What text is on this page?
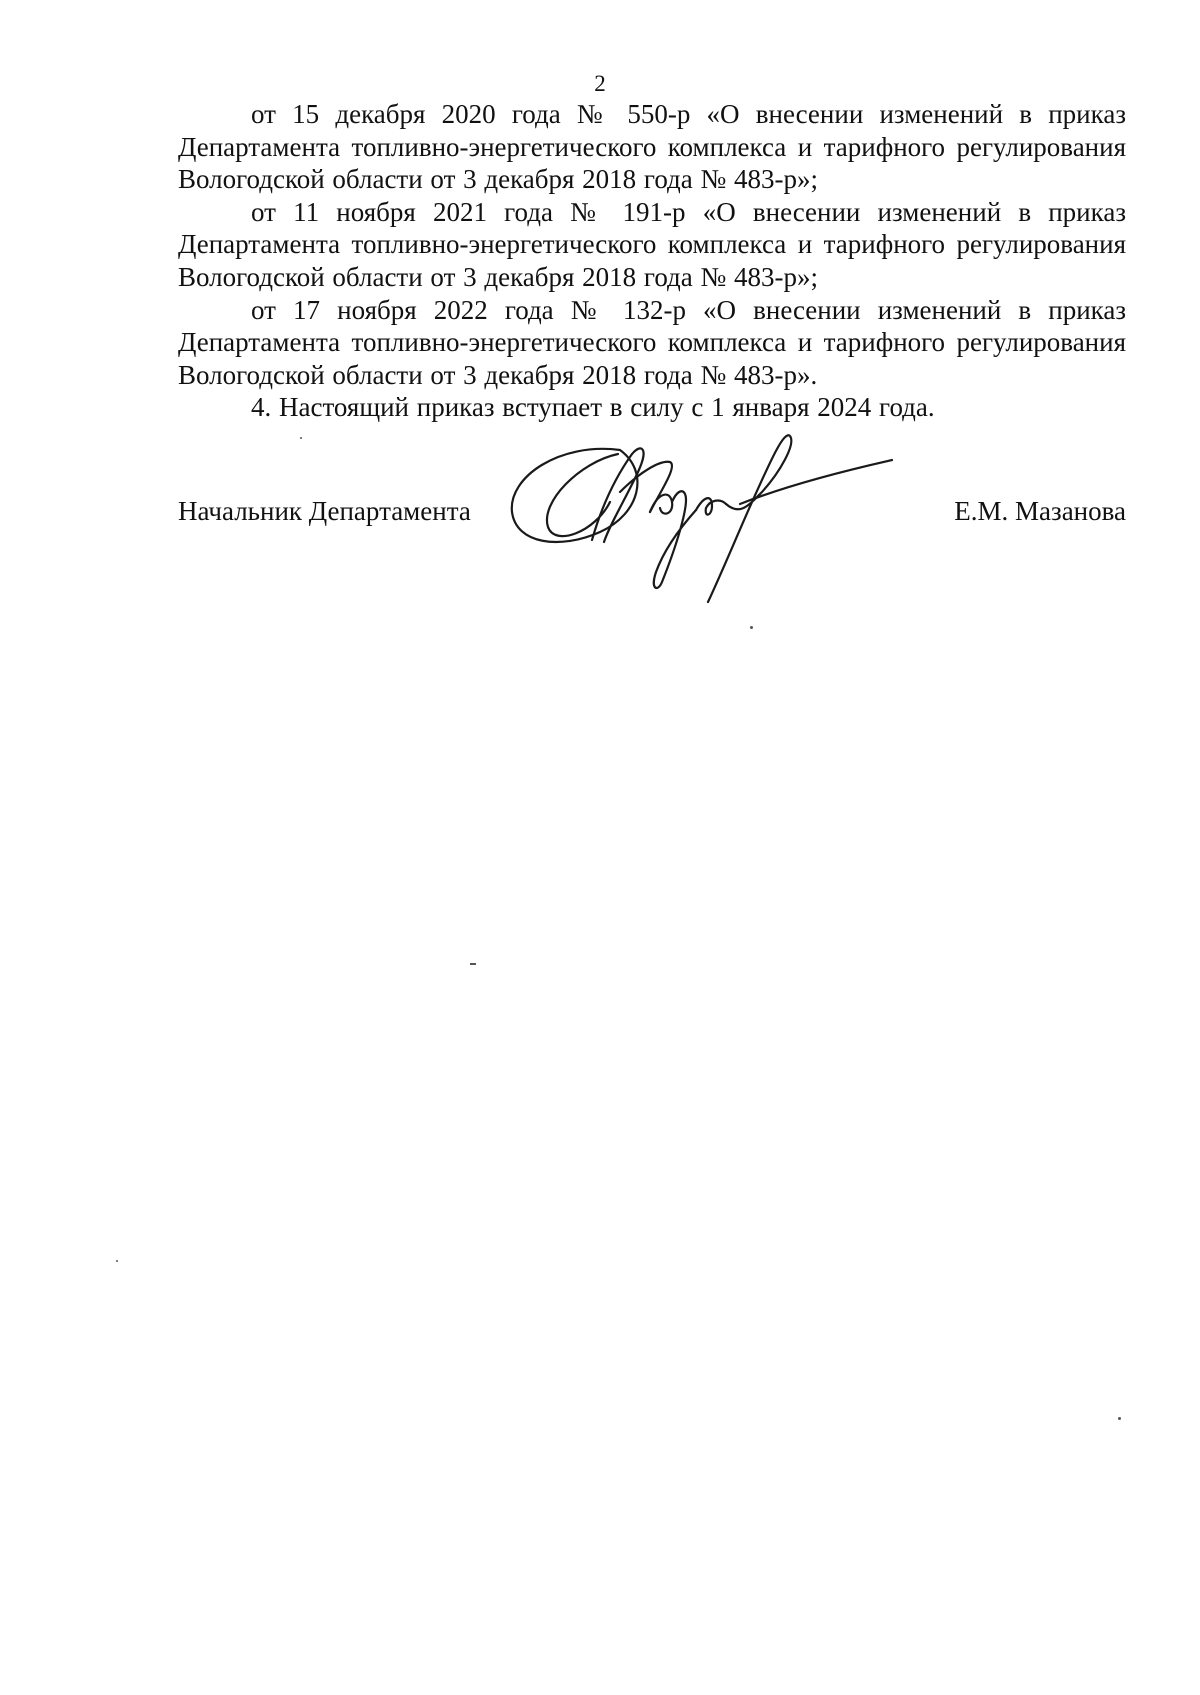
2

от 15 декабря 2020 года № 550-р «О внесении изменений в приказ Департамента топливно-энергетического комплекса и тарифного регулирования Вологодской области от 3 декабря 2018 года № 483-р»;

от 11 ноября 2021 года № 191-р «О внесении изменений в приказ Департамента топливно-энергетического комплекса и тарифного регулирования Вологодской области от 3 декабря 2018 года № 483-р»;

от 17 ноября 2022 года № 132-р «О внесении изменений в приказ Департамента топливно-энергетического комплекса и тарифного регулирования Вологодской области от 3 декабря 2018 года № 483-р».

4. Настоящий приказ вступает в силу с 1 января 2024 года.

Начальник Департамента	Е.М. Мазанова
